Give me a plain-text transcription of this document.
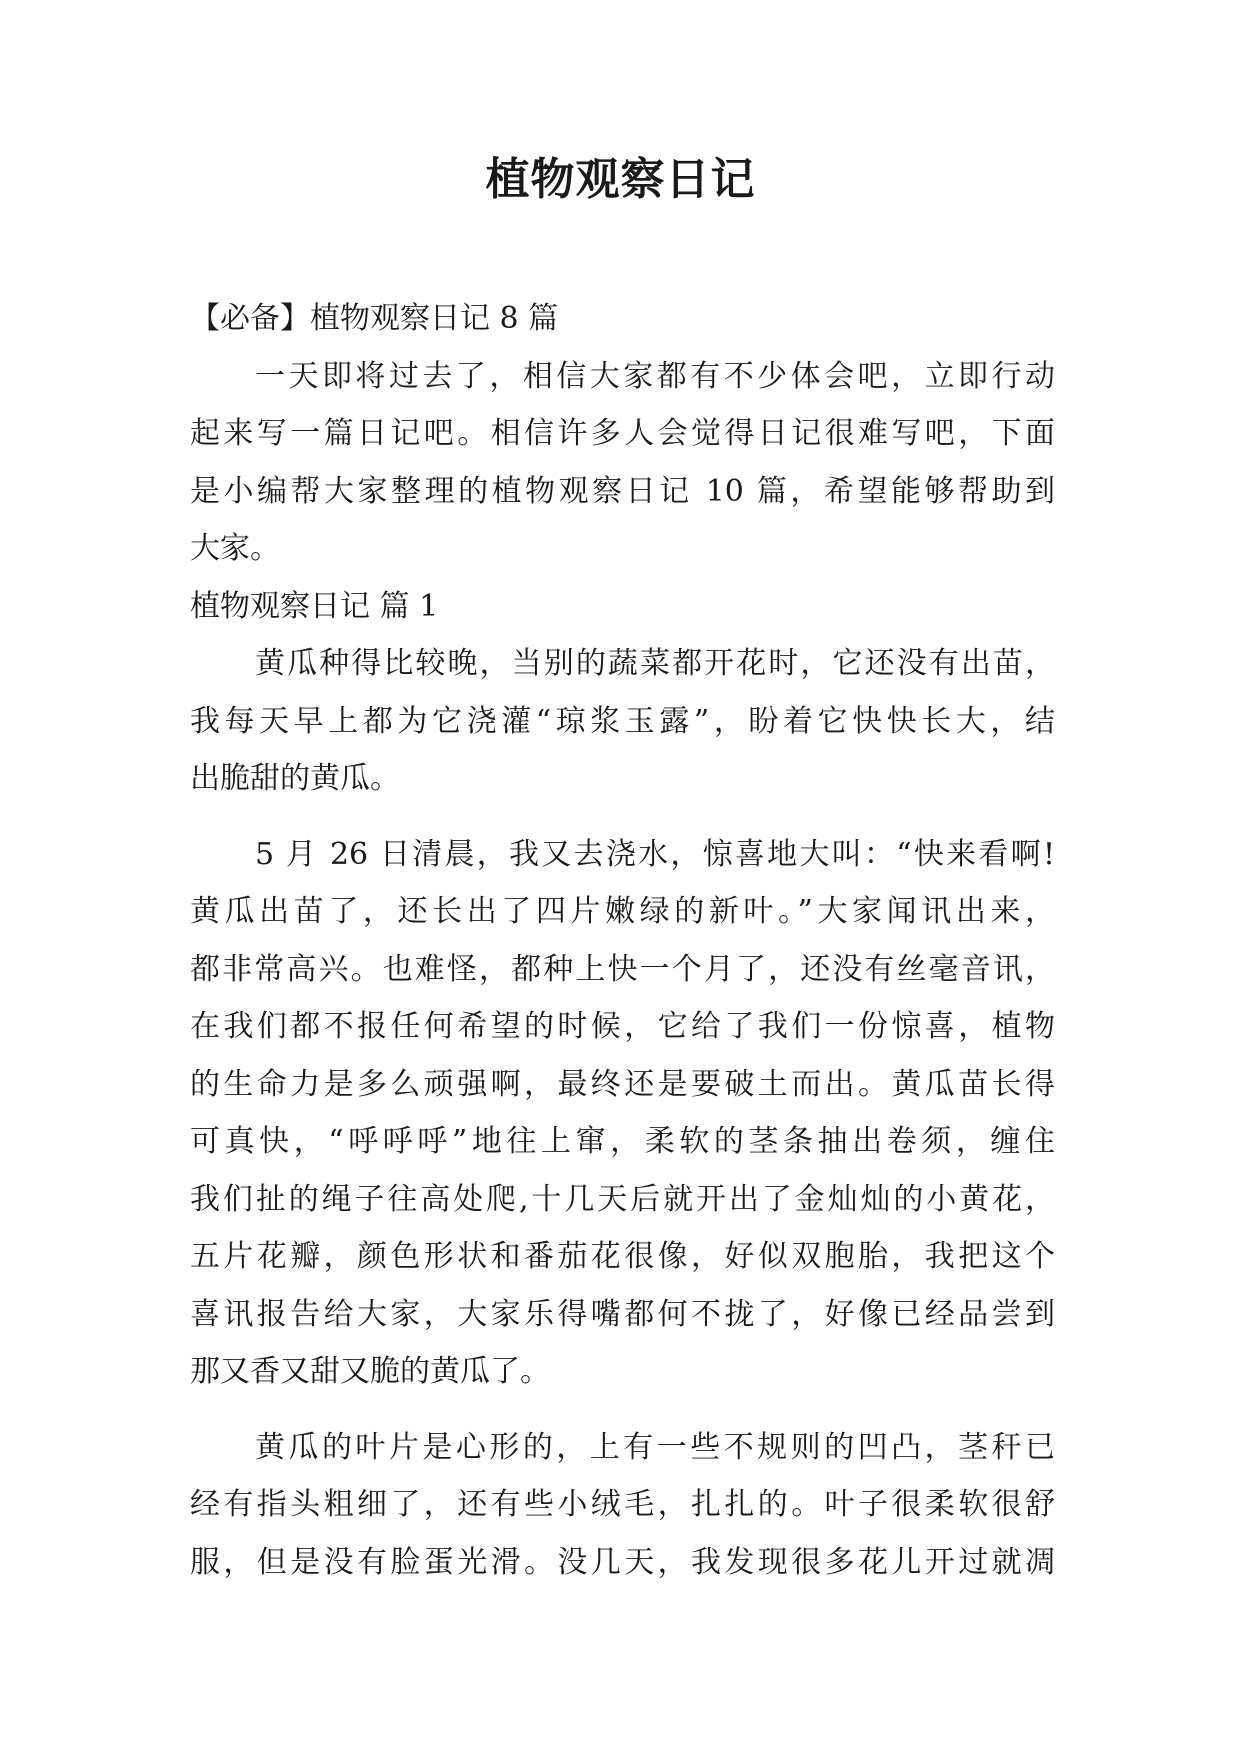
植物观察日记
【必备】植物观察日记 8 篇
一天即将过去了，相信大家都有不少体会吧，立即行动
起来写一篇日记吧。相信许多人会觉得日记很难写吧，下面
是小编帮大家整理的植物观察日记 10 篇，希望能够帮助到
大家。
植物观察日记 篇 1
黄瓜种得比较晚，当别的蔬菜都开花时，它还没有出苗，
我每天早上都为它浇灌“琼浆玉露”，盼着它快快长大，结
出脆甜的黄瓜。
5 月 26 日清晨，我又去浇水，惊喜地大叫：“快来看啊!
黄瓜出苗了，还长出了四片嫩绿的新叶。”大家闻讯出来，
都非常高兴。也难怪，都种上快一个月了，还没有丝毫音讯，
在我们都不报任何希望的时候，它给了我们一份惊喜，植物
的生命力是多么顽强啊，最终还是要破土而出。黄瓜苗长得
可真快，“呼呼呼”地往上窜，柔软的茎条抽出卷须，缠住
我们扯的绳子往高处爬,十几天后就开出了金灿灿的小黄花，
五片花瓣，颜色形状和番茄花很像，好似双胞胎，我把这个
喜讯报告给大家，大家乐得嘴都何不拢了，好像已经品尝到
那又香又甜又脆的黄瓜了。
黄瓜的叶片是心形的，上有一些不规则的凹凸，茎秆已
经有指头粗细了，还有些小绒毛，扎扎的。叶子很柔软很舒
服，但是没有脸蛋光滑。没几天，我发现很多花儿开过就凋
